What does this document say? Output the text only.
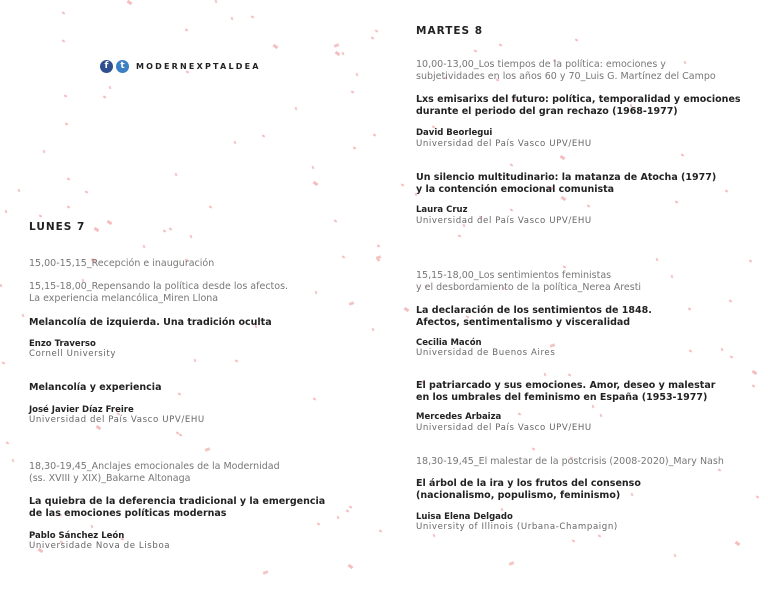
f	t	MODERNEXPTALDEA
LUNES 7
15,00-15,15_Recepción e inauguración
15,15-18,00_Repensando la política desde los afectos.
La experiencia melancólica_Miren Llona
Melancolía de izquierda. Una tradición oculta
Enzo Traverso
Cornell University
Melancolía y experiencia
José Javier Díaz Freire
Universidad del País Vasco UPV/EHU
18,30-19,45_Anclajes emocionales de la Modernidad
(ss. XVIII y XIX)_Bakarne Altonaga
La quiebra de la deferencia tradicional y la emergencia
de las emociones políticas modernas
Pablo Sánchez León
Universidade Nova de Lisboa
MARTES 8
10,00-13,00_Los tiempos de la política: emociones y
subjetividades en los años 60 y 70_Luis G. Martínez del Campo
Lxs emisarixs del futuro: política, temporalidad y emociones
durante el periodo del gran rechazo (1968-1977)
David Beorlegui
Universidad del País Vasco UPV/EHU
Un silencio multitudinario: la matanza de Atocha (1977)
y la contención emocional comunista
Laura Cruz
Universidad del País Vasco UPV/EHU
15,15-18,00_Los sentimientos feministas
y el desbordamiento de la política_Nerea Aresti
La declaración de los sentimientos de 1848.
Afectos, sentimentalismo y visceralidad
Cecilia Macón
Universidad de Buenos Aires
El patriarcado y sus emociones. Amor, deseo y malestar
en los umbrales del feminismo en España (1953-1977)
Mercedes Arbaiza
Universidad del País Vasco UPV/EHU
18,30-19,45_El malestar de la postcrisis (2008-2020)_Mary Nash
El árbol de la ira y los frutos del consenso
(nacionalismo, populismo, feminismo)
Luisa Elena Delgado
University of Illinois (Urbana-Champaign)
